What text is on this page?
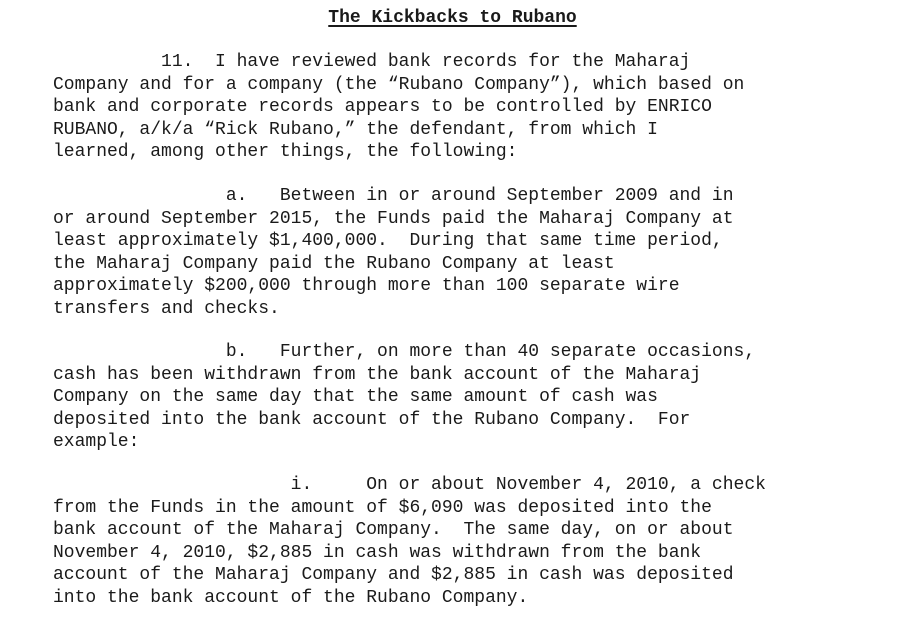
The Kickbacks to Rubano

11.  I have reviewed bank records for the Maharaj
Company and for a company (the “Rubano Company”), which based on
bank and corporate records appears to be controlled by ENRICO
RUBANO, a/k/a “Rick Rubano,” the defendant, from which I
learned, among other things, the following:

a.   Between in or around September 2009 and in
or around September 2015, the Funds paid the Maharaj Company at
least approximately $1,400,000.  During that same time period,
the Maharaj Company paid the Rubano Company at least
approximately $200,000 through more than 100 separate wire
transfers and checks.

b.   Further, on more than 40 separate occasions,
cash has been withdrawn from the bank account of the Maharaj
Company on the same day that the same amount of cash was
deposited into the bank account of the Rubano Company.  For
example:

i.     On or about November 4, 2010, a check
from the Funds in the amount of $6,090 was deposited into the
bank account of the Maharaj Company.  The same day, on or about
November 4, 2010, $2,885 in cash was withdrawn from the bank
account of the Maharaj Company and $2,885 in cash was deposited
into the bank account of the Rubano Company.
